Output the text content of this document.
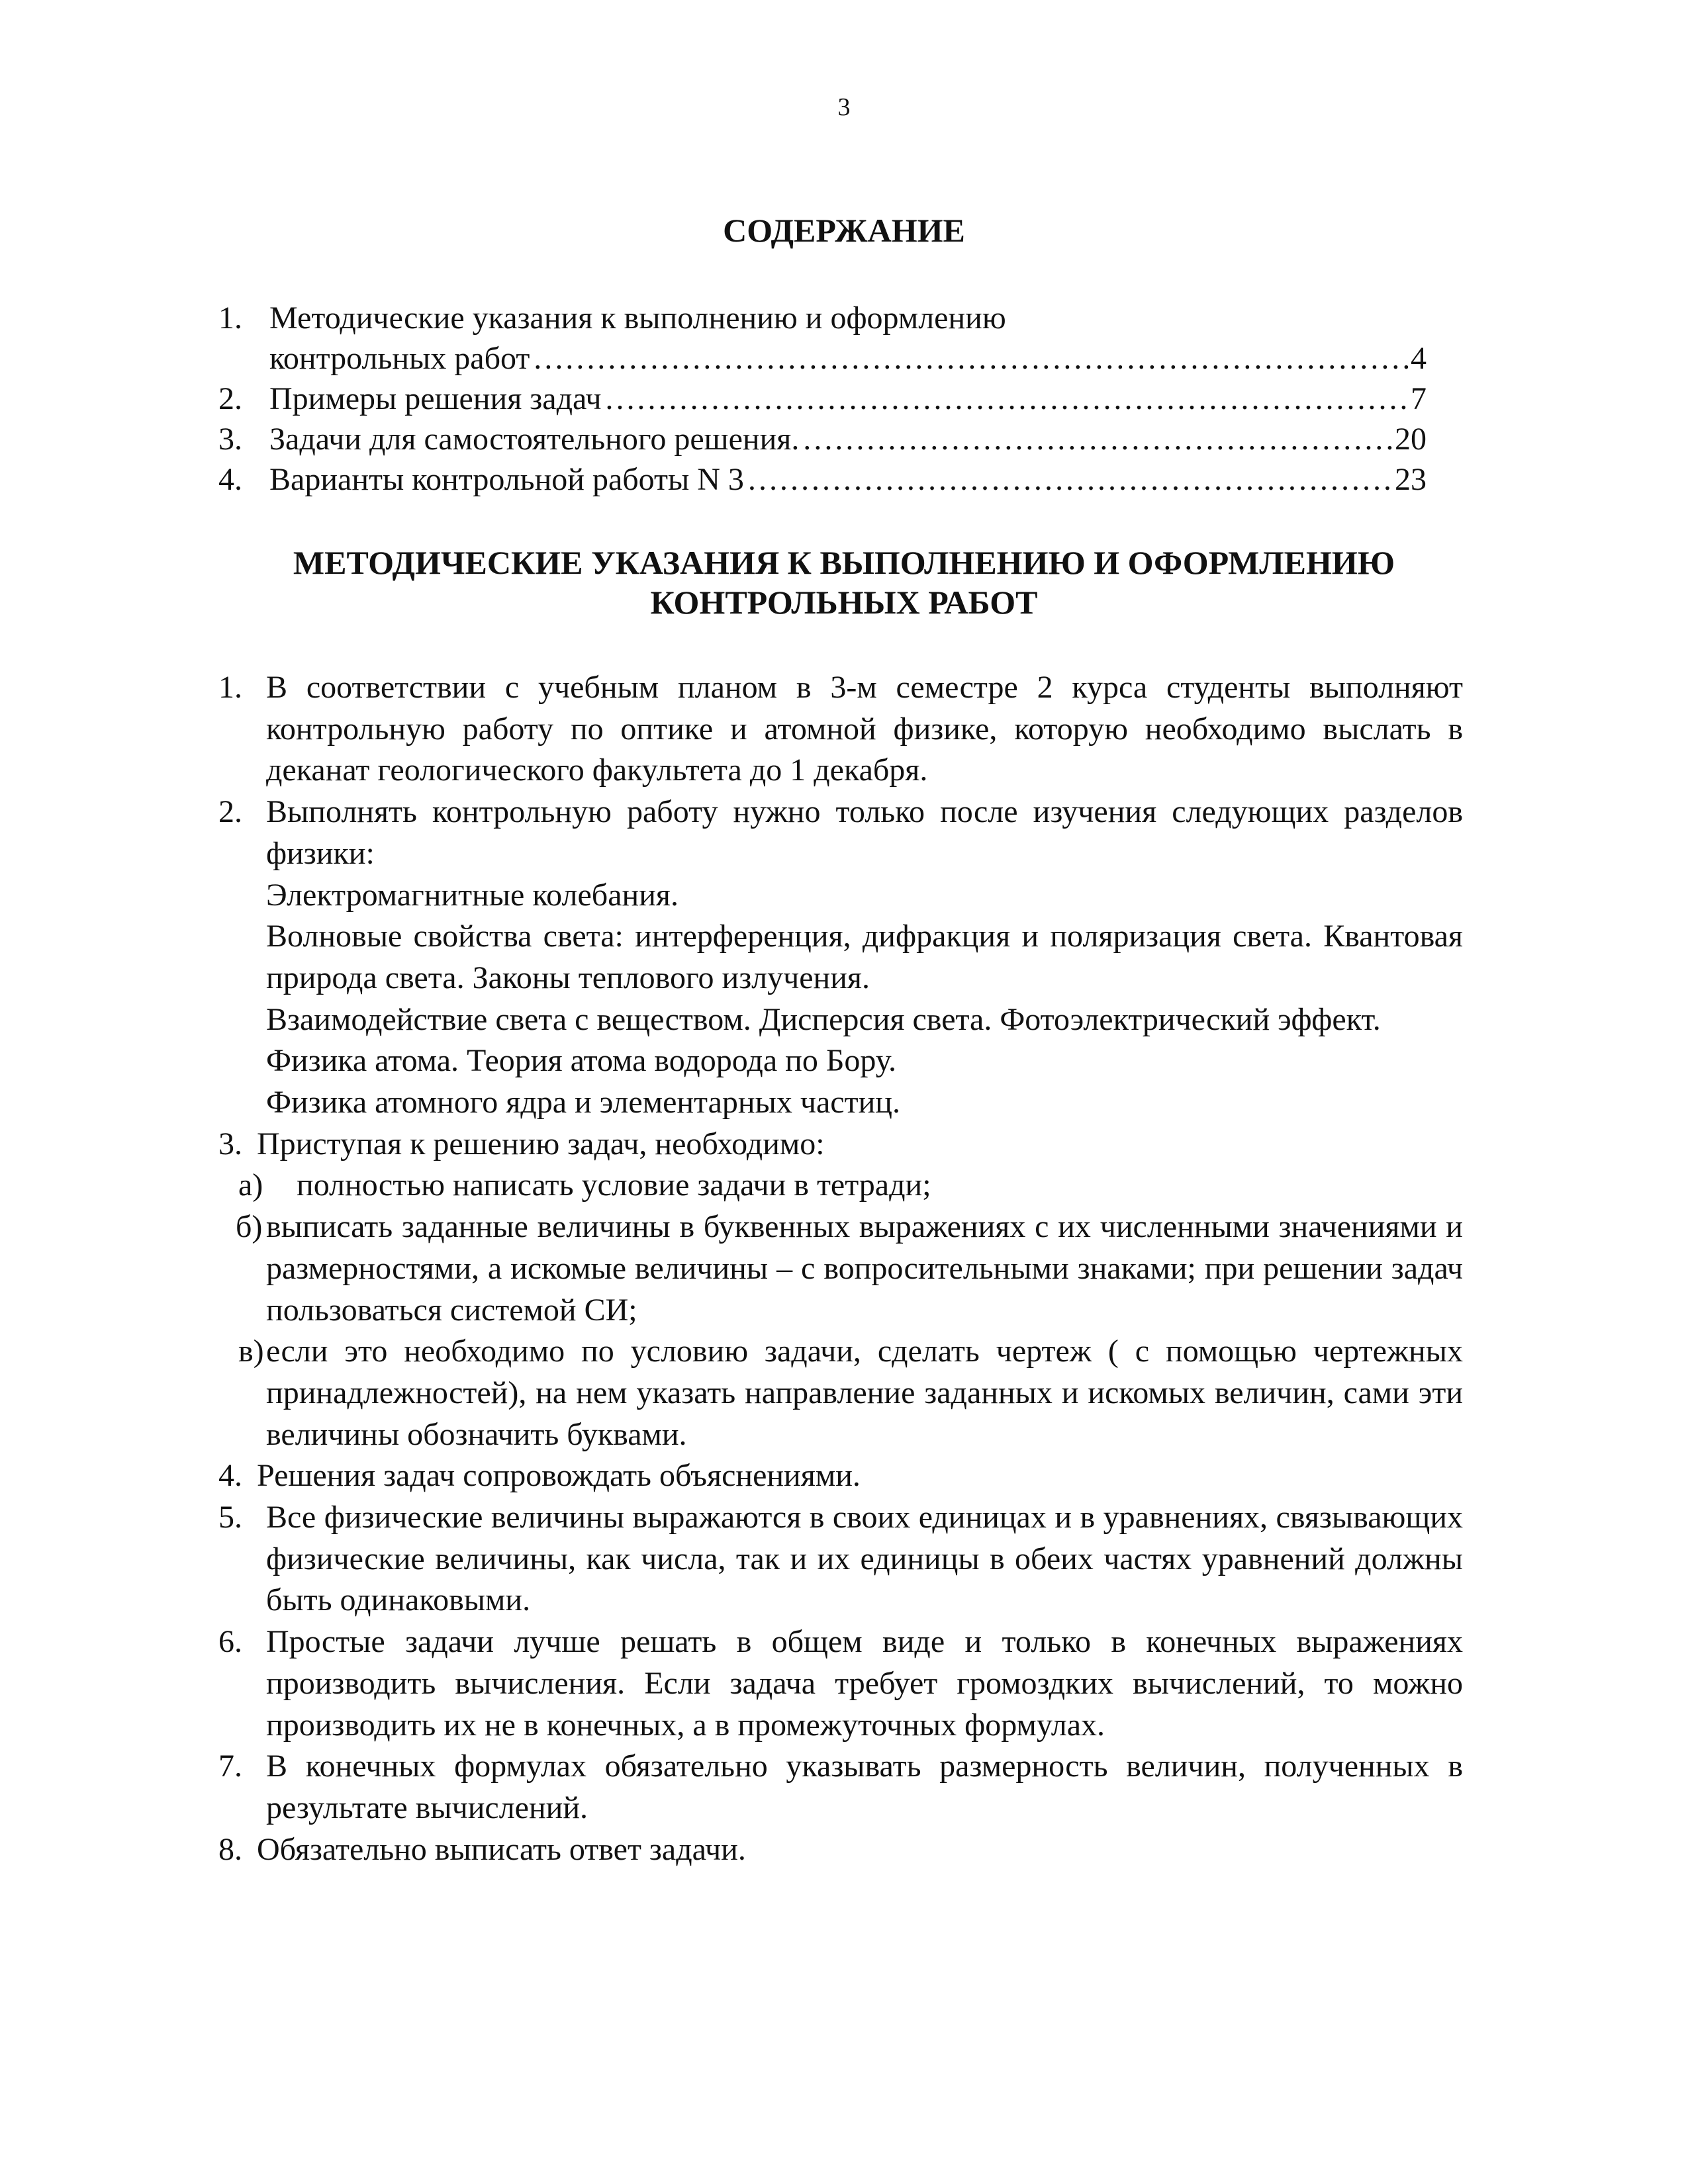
3
СОДЕРЖАНИЕ
1. Методические указания к выполнению и оформлению
контрольных работ …………………………………………………………………………………………………………………………………………………………	4
2. Примеры решения задач …………………………………………………………………………………………………………………………………………………………	7
3. Задачи для самостоятельного решения. …………………………………………………………………………………………………………………………………………………………	20
4. Варианты контрольной работы N 3 …………………………………………………………………………………………………………………………………………………………	23
МЕТОДИЧЕСКИЕ УКАЗАНИЯ К ВЫПОЛНЕНИЮ И ОФОРМЛЕНИЮ
КОНТРОЛЬНЫХ РАБОТ
1. В соответствии с учебным планом в 3-м семестре 2 курса студенты выполняют контрольную работу по оптике и атомной физике, которую необходимо выслать в деканат геологического факультета до 1 декабря.
2. Выполнять контрольную работу нужно только после изучения следующих разделов физики:
Электромагнитные колебания.
Волновые свойства света: интерференция, дифракция и поляризация света. Квантовая природа света. Законы теплового излучения.
Взаимодействие света с веществом. Дисперсия света. Фотоэлектрический эффект.
Физика атома. Теория атома водорода по Бору.
Физика атомного ядра и элементарных частиц.
3. Приступая к решению задач, необходимо:
а)	полностью написать условие задачи в тетради;
б) выписать заданные величины в буквенных выражениях с их численными значениями и размерностями, а искомые величины – с вопросительными знаками; при решении задач пользоваться системой СИ;
в) если это необходимо по условию задачи, сделать чертеж ( с помощью чертежных принадлежностей), на нем указать направление заданных и искомых величин, сами эти величины обозначить буквами.
4. Решения задач сопровождать объяснениями.
5. Все физические величины выражаются в своих единицах и в уравнениях, связывающих физические величины, как числа, так и их единицы в обеих частях уравнений должны быть одинаковыми.
6. Простые задачи лучше решать в общем виде и только в конечных выражениях производить вычисления. Если задача требует громоздких вычислений, то можно производить их не в конечных, а в промежуточных формулах.
7. В конечных формулах обязательно указывать размерность величин, полученных в результате вычислений.
8. Обязательно выписать ответ задачи.
